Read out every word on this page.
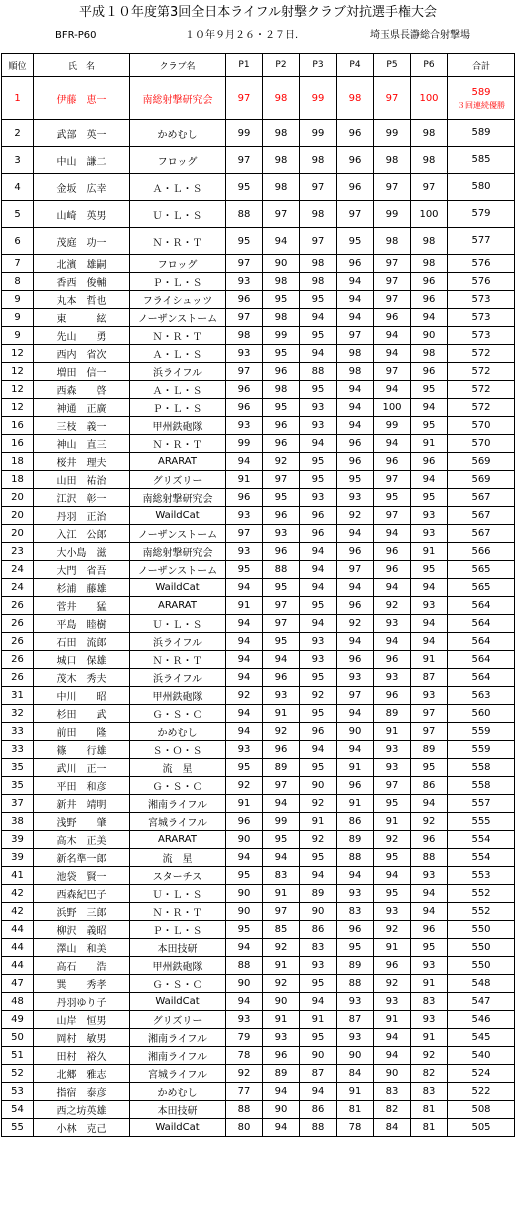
平成１０年度第3回全日本ライフル射撃クラブ対抗選手権大会
BFR-P60	１０年９月２６・２７日.	埼玉県長瀞総合射撃場
順位	氏　名	クラブ名	P1	P2	P3	P4	P5	P6	合計
1	伊藤　恵一	南総射撃研究会	97	98	99	98	97	100	589
３回連続優勝

2	武部　英一	かめむし	99	98	99	96	99	98	589

3	中山　謙二	フロッグ	97	98	98	96	98	98	585

4	金坂　広幸	Ａ・Ｌ・Ｓ	95	98	97	96	97	97	580

5	山崎　英男	Ｕ・Ｌ・Ｓ	88	97	98	97	99	100	579

6	茂庭　功一	Ｎ・Ｒ・Ｔ	95	94	97	95	98	98	577

7	北濱　雄嗣	フロッグ	97	90	98	96	97	98	576

8	香西　俊輔	Ｐ・Ｌ・Ｓ	93	98	98	94	97	96	576

9	丸本　哲也	フライシュッツ	96	95	95	94	97	96	573

9	東　　　絃	ノーザンストーム	97	98	94	94	96	94	573

9	先山　　勇	Ｎ・Ｒ・Ｔ	98	99	95	97	94	90	573

12	西内　省次	Ａ・Ｌ・Ｓ	93	95	94	98	94	98	572

12	増田　信一	浜ライフル	97	96	88	98	97	96	572

12	西森　　啓	Ａ・Ｌ・Ｓ	96	98	95	94	94	95	572

12	神通　正廣	Ｐ・Ｌ・Ｓ	96	95	93	94	100	94	572

16	三枝　義一	甲州鉄砲隊	93	96	93	94	99	95	570

16	神山　直三	Ｎ・Ｒ・Ｔ	99	96	94	96	94	91	570

18	桜井　理夫	ARARAT	94	92	95	96	96	96	569

18	山田　祐治	グリズリー	91	97	95	95	97	94	569

20	江沢　彰一	南総射撃研究会	96	95	93	93	95	95	567

20	丹羽　正治	WaildCat	93	96	96	92	97	93	567

20	入江　公郎	ノーザンストーム	97	93	96	94	94	93	567

23	大小島　滋	南総射撃研究会	93	96	94	96	96	91	566

24	大門　省吾	ノーザンストーム	95	88	94	97	96	95	565

24	杉浦　藤雄	WaildCat	94	95	94	94	94	94	565

26	菅井　　猛	ARARAT	91	97	95	96	92	93	564

26	平島　睦樹	Ｕ・Ｌ・Ｓ	94	97	94	92	93	94	564

26	石田　流郎	浜ライフル	94	95	93	94	94	94	564

26	城口　保雄	Ｎ・Ｒ・Ｔ	94	94	93	96	96	91	564

26	茂木　秀夫	浜ライフル	94	96	95	93	93	87	564

31	中川　　昭	甲州鉄砲隊	92	93	92	97	96	93	563

32	杉田　　武	Ｇ・Ｓ・Ｃ	94	91	95	94	89	97	560

33	前田　　隆	かめむし	94	92	96	90	91	97	559

33	篠　　行雄	Ｓ・Ｏ・Ｓ	93	96	94	94	93	89	559

35	武川　正一	流　星	95	89	95	91	93	95	558

35	平田　和彦	Ｇ・Ｓ・Ｃ	92	97	90	96	97	86	558

37	新井　靖明	湘南ライフル	91	94	92	91	95	94	557

38	浅野　　肇	宮城ライフル	96	99	91	86	91	92	555

39	高木　正美	ARARAT	90	95	92	89	92	96	554

39	新名準一郎	流　星	94	94	95	88	95	88	554

41	池袋　賢一	スターチス	95	83	94	94	94	93	553

42	西森紀巴子	Ｕ・Ｌ・Ｓ	90	91	89	93	95	94	552

42	浜野　三郎	Ｎ・Ｒ・Ｔ	90	97	90	83	93	94	552

44	柳沢　義昭	Ｐ・Ｌ・Ｓ	95	85	86	96	92	96	550

44	澤山　和美	本田技研	94	92	83	95	91	95	550

44	高石　　浩	甲州鉄砲隊	88	91	93	89	96	93	550

47	巽　　秀孝	Ｇ・Ｓ・Ｃ	90	92	95	88	92	91	548

48	丹羽ゆり子	WaildCat	94	90	94	93	93	83	547

49	山岸　恒男	グリズリー	93	91	91	87	91	93	546

50	岡村　敏男	湘南ライフル	79	93	95	93	94	91	545

51	田村　裕久	湘南ライフル	78	96	90	90	94	92	540

52	北郷　雅志	宮城ライフル	92	89	87	84	90	82	524

53	指宿　泰彦	かめむし	77	94	94	91	83	83	522

54	西之坊英雄	本田技研	88	90	86	81	82	81	508

55	小林　克己	WaildCat	80	94	88	78	84	81	505
